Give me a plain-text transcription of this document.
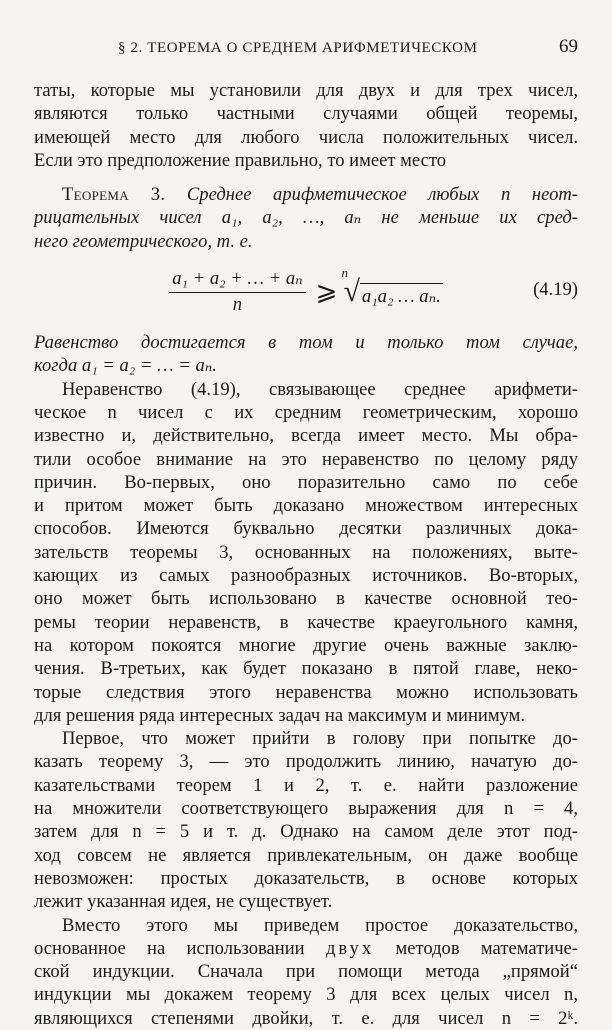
§ 2. ТЕОРЕМА О СРЕДНЕМ АРИФМЕТИЧЕСКОМ	69
таты, которые мы установили для двух и для трех чисел,
являются только частными случаями общей теоремы,
имеющей место для любого числа положительных чисел.
Если это предположение правильно, то имеет место
Теорема 3. Среднее арифметическое любых n неот-
рицательных чисел a₁, a₂, …, aₙ не меньше их сред-
него геометрического, т. е.
$\frac{\text{a₁ + a₂ + … + aₙ}}{n}$ ⩾
n
√ a₁a₂ … aₙ.	(4.19)
Равенство достигается в том и только том случае,
когда a₁ = a₂ = … = aₙ.
Неравенство (4.19), связывающее среднее арифмети-
ческое n чисел с их средним геометрическим, хорошо
известно и, действительно, всегда имеет место. Мы обра-
тили особое внимание на это неравенство по целому ряду
причин. Во-первых, оно поразительно само по себе
и притом может быть доказано множеством интересных
способов. Имеются буквально десятки различных дока-
зательств теоремы 3, основанных на положениях, выте-
кающих из самых разнообразных источников. Во-вторых,
оно может быть использовано в качестве основной тео-
ремы теории неравенств, в качестве краеугольного камня,
на котором покоятся многие другие очень важные заклю-
чения. В-третьих, как будет показано в пятой главе, неко-
торые следствия этого неравенства можно использовать
для решения ряда интересных задач на максимум и минимум.
Первое, что может прийти в голову при попытке до-
казать теорему 3, — это продолжить линию, начатую до-
казательствами теорем 1 и 2, т. е. найти разложение
на множители соответствующего выражения для n = 4,
затем для n = 5 и т. д. Однако на самом деле этот под-
ход совсем не является привлекательным, он даже вообще
невозможен: простых доказательств, в основе которых
лежит указанная идея, не существует.
Вместо этого мы приведем простое доказательство,
основанное на использовании двух методов математиче-
ской индукции. Сначала при помощи метода „прямой“
индукции мы докажем теорему 3 для всех целых чисел n,
являющихся степенями двойки, т. е. для чисел n = 2ᵏ.
